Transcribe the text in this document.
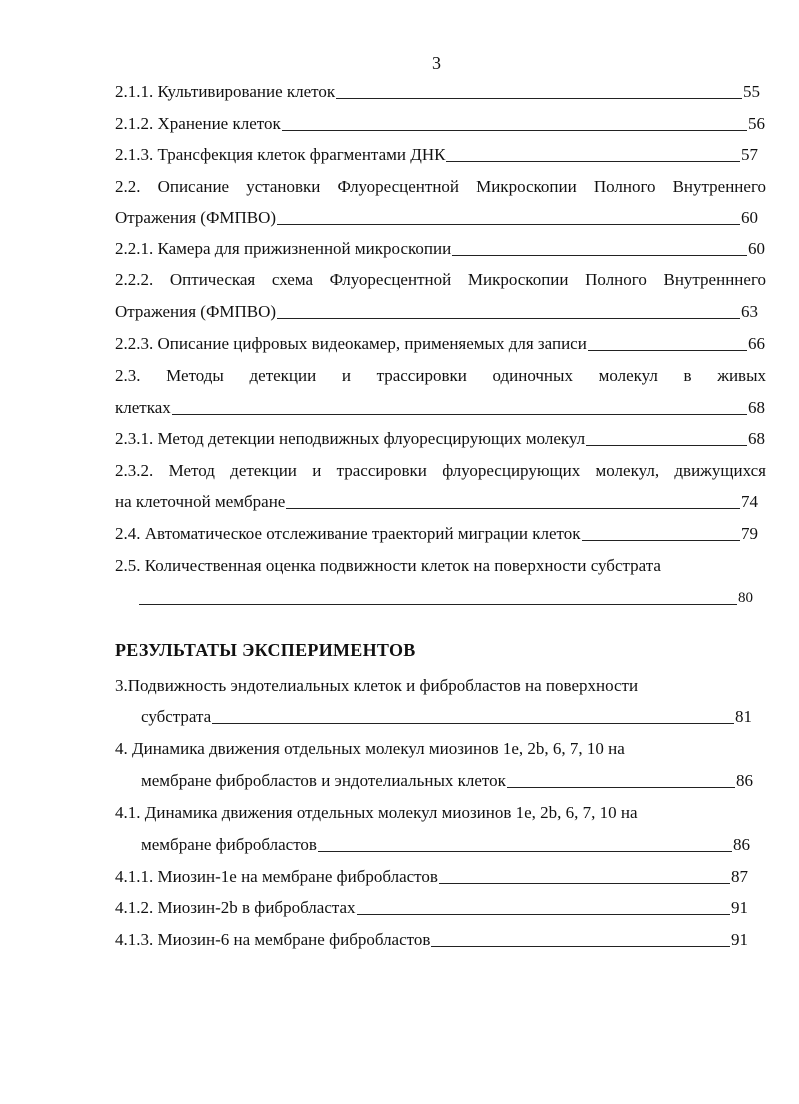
3
2.1.1. Культивирование клеток	55
2.1.2. Хранение клеток	56
2.1.3. Трансфекция клеток фрагментами ДНК	57
2.2. Описание установки Флуоресцентной Микроскопии Полного Внутреннего
Отражения (ФМПВО)	60
2.2.1. Камера для прижизненной микроскопии	60
2.2.2. Оптическая схема Флуоресцентной Микроскопии Полного Внутренннего
Отражения (ФМПВО)	63
2.2.3. Описание цифровых видеокамер, применяемых для записи	66
2.3. Методы детекции и трассировки одиночных молекул в живых
клетках	68
2.3.1. Метод детекции неподвижных флуоресцирующих молекул	68
2.3.2. Метод детекции и трассировки флуоресцирующих молекул, движущихся
на клеточной мембране	74
2.4. Автоматическое отслеживание траекторий миграции клеток	79
2.5. Количественная оценка подвижности клеток на поверхности субстрата
80
РЕЗУЛЬТАТЫ ЭКСПЕРИМЕНТОВ
3.Подвижность эндотелиальных клеток и фибробластов на поверхности
субстрата	81
4. Динамика движения отдельных молекул миозинов 1е, 2b, 6, 7, 10 на
мембране фибробластов и эндотелиальных клеток	86
4.1. Динамика движения отдельных молекул миозинов 1е, 2b, 6, 7, 10 на
мембране фибробластов	86
4.1.1. Миозин-1е на мембране фибробластов	87
4.1.2. Миозин-2b в фибробластах	91
4.1.3. Миозин-6 на мембране фибробластов	91
